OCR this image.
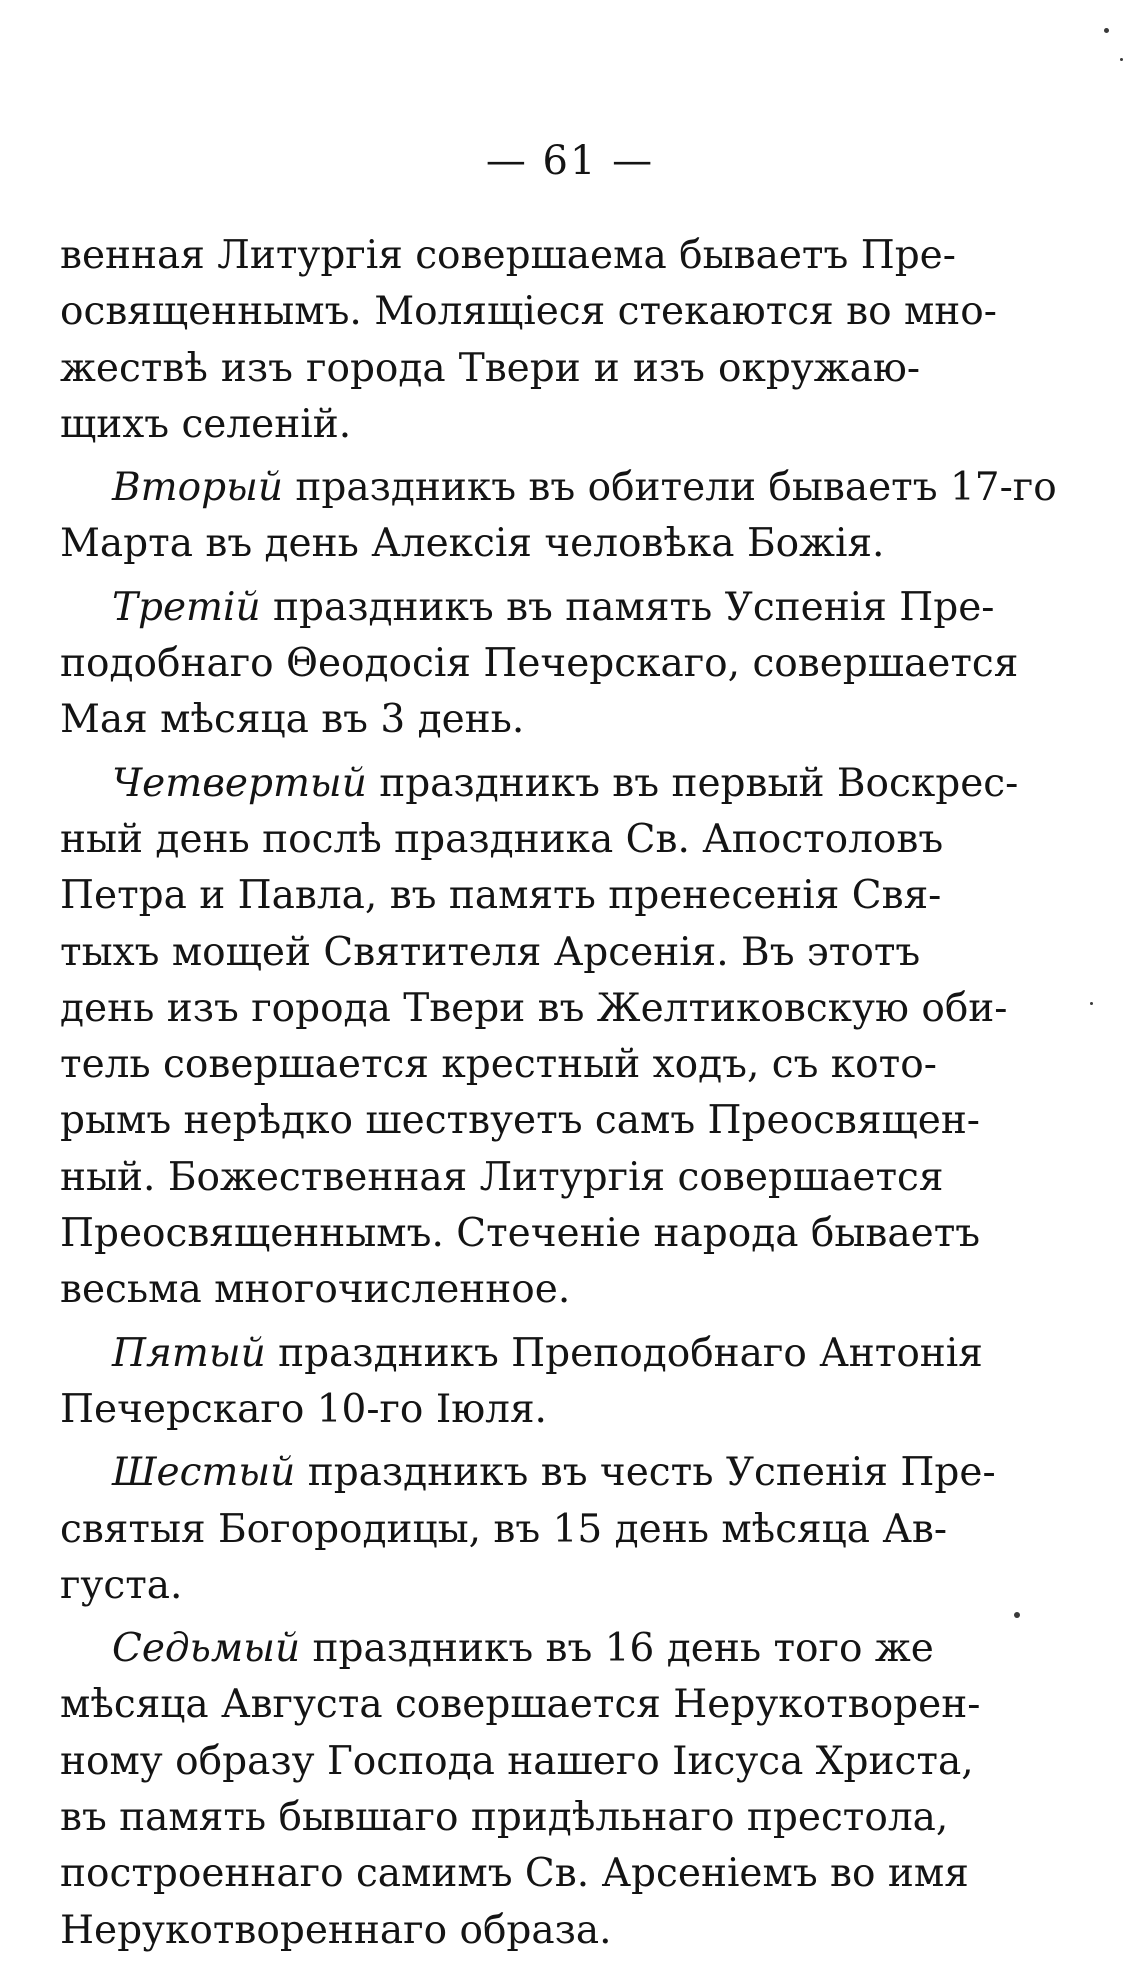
— 61 —
венная Литургія совершаема бываетъ Пре-
освященнымъ. Молящіеся стекаются во мно-
жествѣ изъ города Твери и изъ окружаю-
щихъ селеній.
Вторый праздникъ въ обители бываетъ 17-го
Марта въ день Алексія человѣка Божія.
Третій праздникъ въ память Успенія Пре-
подобнаго Θеодосія Печерскаго, совершается
Мая мѣсяца въ 3 день.
Четвертый праздникъ въ первый Воскрес-
ный день послѣ праздника Св. Апостоловъ
Петра и Павла, въ память пренесенія Свя-
тыхъ мощей Святителя Арсенія. Въ этотъ
день изъ города Твери въ Желтиковскую оби-
тель совершается крестный ходъ, съ кото-
рымъ нерѣдко шествуетъ самъ Преосвящен-
ный. Божественная Литургія совершается
Преосвященнымъ. Стеченіе народа бываетъ
весьма многочисленное.
Пятый праздникъ Преподобнаго Антонія
Печерскаго 10-го Іюля.
Шестый праздникъ въ честь Успенія Пре-
святыя Богородицы, въ 15 день мѣсяца Ав-
густа.
Седьмый праздникъ въ 16 день того же
мѣсяца Августа совершается Нерукотворен-
ному образу Господа нашего Іисуса Христа,
въ память бывшаго придѣльнаго престола,
построеннаго самимъ Св. Арсеніемъ во имя
Нерукотвореннаго образа.
